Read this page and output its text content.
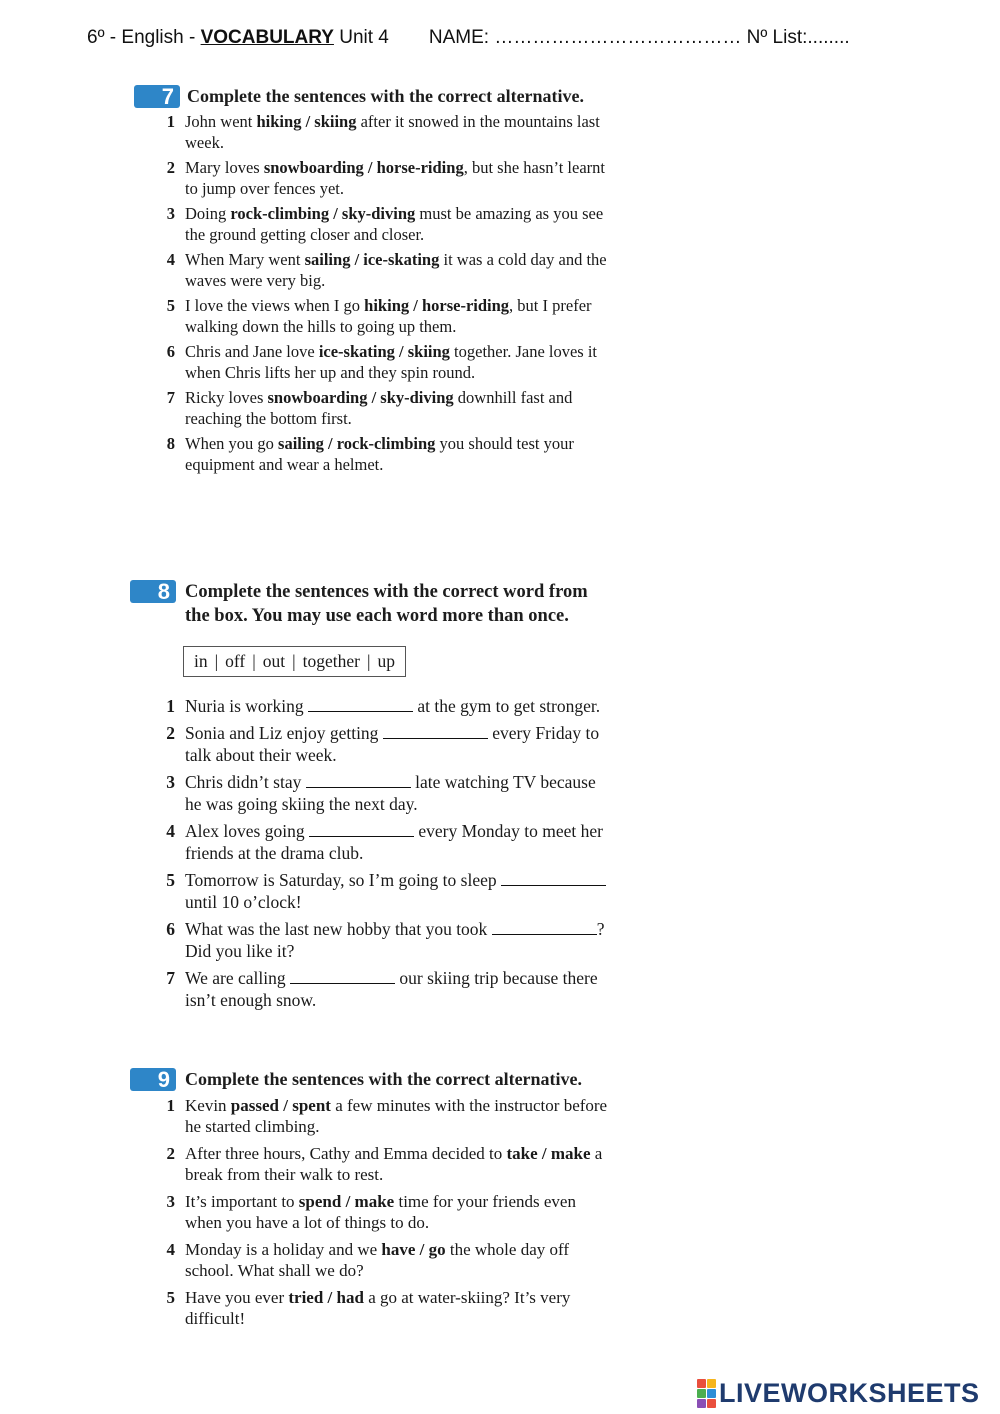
6º - English - VOCABULARY Unit 4 NAME: ………………………………… Nº List:........
7 Complete the sentences with the correct alternative.
1 John went hiking / skiing after it snowed in the mountains last week.
2 Mary loves snowboarding / horse-riding, but she hasn’t learnt to jump over fences yet.
3 Doing rock-climbing / sky-diving must be amazing as you see the ground getting closer and closer.
4 When Mary went sailing / ice-skating it was a cold day and the waves were very big.
5 I love the views when I go hiking / horse-riding, but I prefer walking down the hills to going up them.
6 Chris and Jane love ice-skating / skiing together. Jane loves it when Chris lifts her up and they spin round.
7 Ricky loves snowboarding / sky-diving downhill fast and reaching the bottom first.
8 When you go sailing / rock-climbing you should test your equipment and wear a helmet.
8 Complete the sentences with the correct word from the box. You may use each word more than once.
in | off | out | together | up
1 Nuria is working	at the gym to get stronger.
2 Sonia and Liz enjoy getting	every Friday to talk about their week.
3 Chris didn’t stay	late watching TV because he was going skiing the next day.
4 Alex loves going	every Monday to meet her friends at the drama club.
5 Tomorrow is Saturday, so I’m going to sleep  until 10 o’clock!
6 What was the last new hobby that you took	? Did you like it?
7 We are calling	our skiing trip because there isn’t enough snow.
9 Complete the sentences with the correct alternative.
1 Kevin passed / spent a few minutes with the instructor before he started climbing.
2 After three hours, Cathy and Emma decided to take / make a break from their walk to rest.
3 It’s important to spend / make time for your friends even when you have a lot of things to do.
4 Monday is a holiday and we have / go the whole day off school. What shall we do?
5 Have you ever tried / had a go at water-skiing? It’s very difficult!
LIVEWORKSHEETS
